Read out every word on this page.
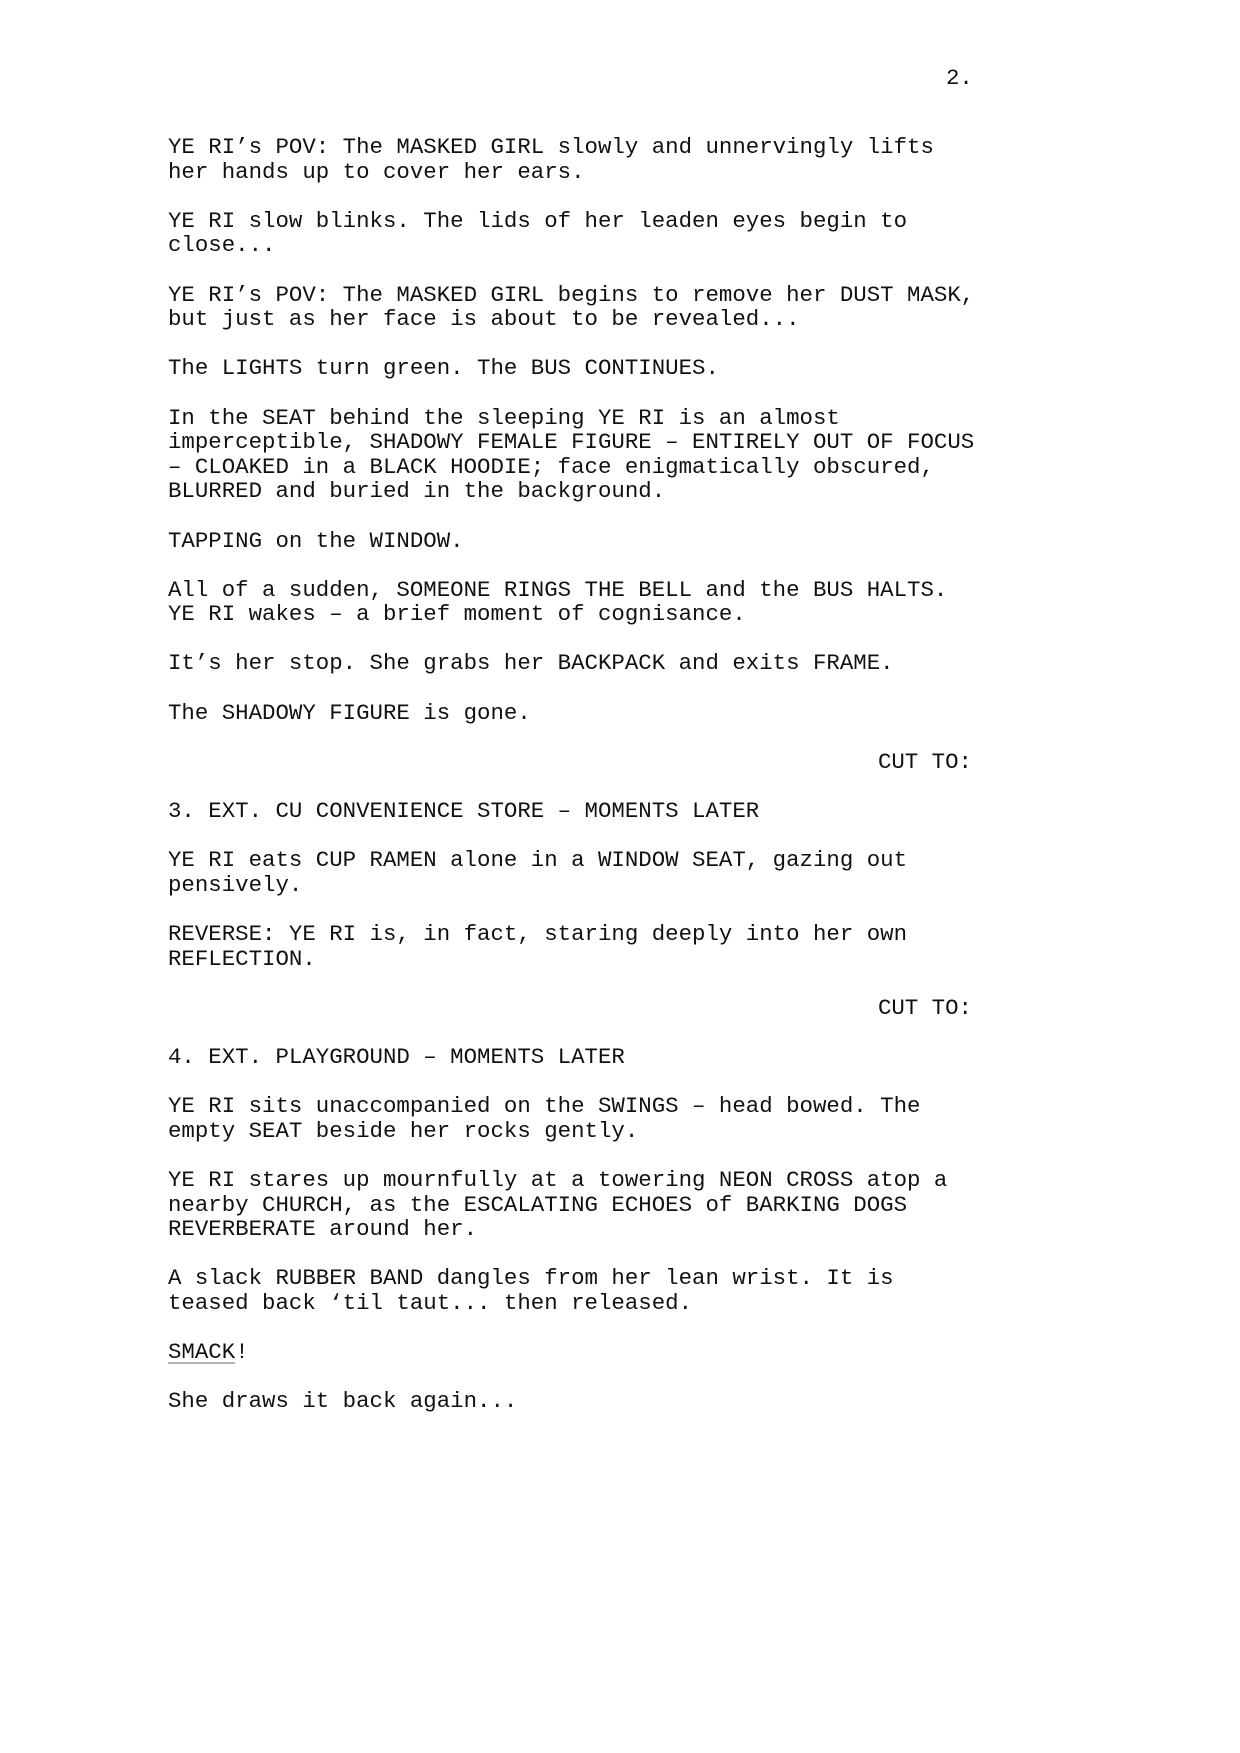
2.
YE RI’s POV: The MASKED GIRL slowly and unnervingly lifts
her hands up to cover her ears.
YE RI slow blinks. The lids of her leaden eyes begin to
close...
YE RI’s POV: The MASKED GIRL begins to remove her DUST MASK,
but just as her face is about to be revealed...
The LIGHTS turn green. The BUS CONTINUES.
In the SEAT behind the sleeping YE RI is an almost
imperceptible, SHADOWY FEMALE FIGURE – ENTIRELY OUT OF FOCUS
– CLOAKED in a BLACK HOODIE; face enigmatically obscured,
BLURRED and buried in the background.
TAPPING on the WINDOW.
All of a sudden, SOMEONE RINGS THE BELL and the BUS HALTS.
YE RI wakes – a brief moment of cognisance.
It’s her stop. She grabs her BACKPACK and exits FRAME.
The SHADOWY FIGURE is gone.
CUT TO:
3. EXT. CU CONVENIENCE STORE – MOMENTS LATER
YE RI eats CUP RAMEN alone in a WINDOW SEAT, gazing out
pensively.
REVERSE: YE RI is, in fact, staring deeply into her own
REFLECTION.
CUT TO:
4. EXT. PLAYGROUND – MOMENTS LATER
YE RI sits unaccompanied on the SWINGS – head bowed. The
empty SEAT beside her rocks gently.
YE RI stares up mournfully at a towering NEON CROSS atop a
nearby CHURCH, as the ESCALATING ECHOES of BARKING DOGS
REVERBERATE around her.
A slack RUBBER BAND dangles from her lean wrist. It is
teased back ‘til taut... then released.
SMACK!
She draws it back again...
